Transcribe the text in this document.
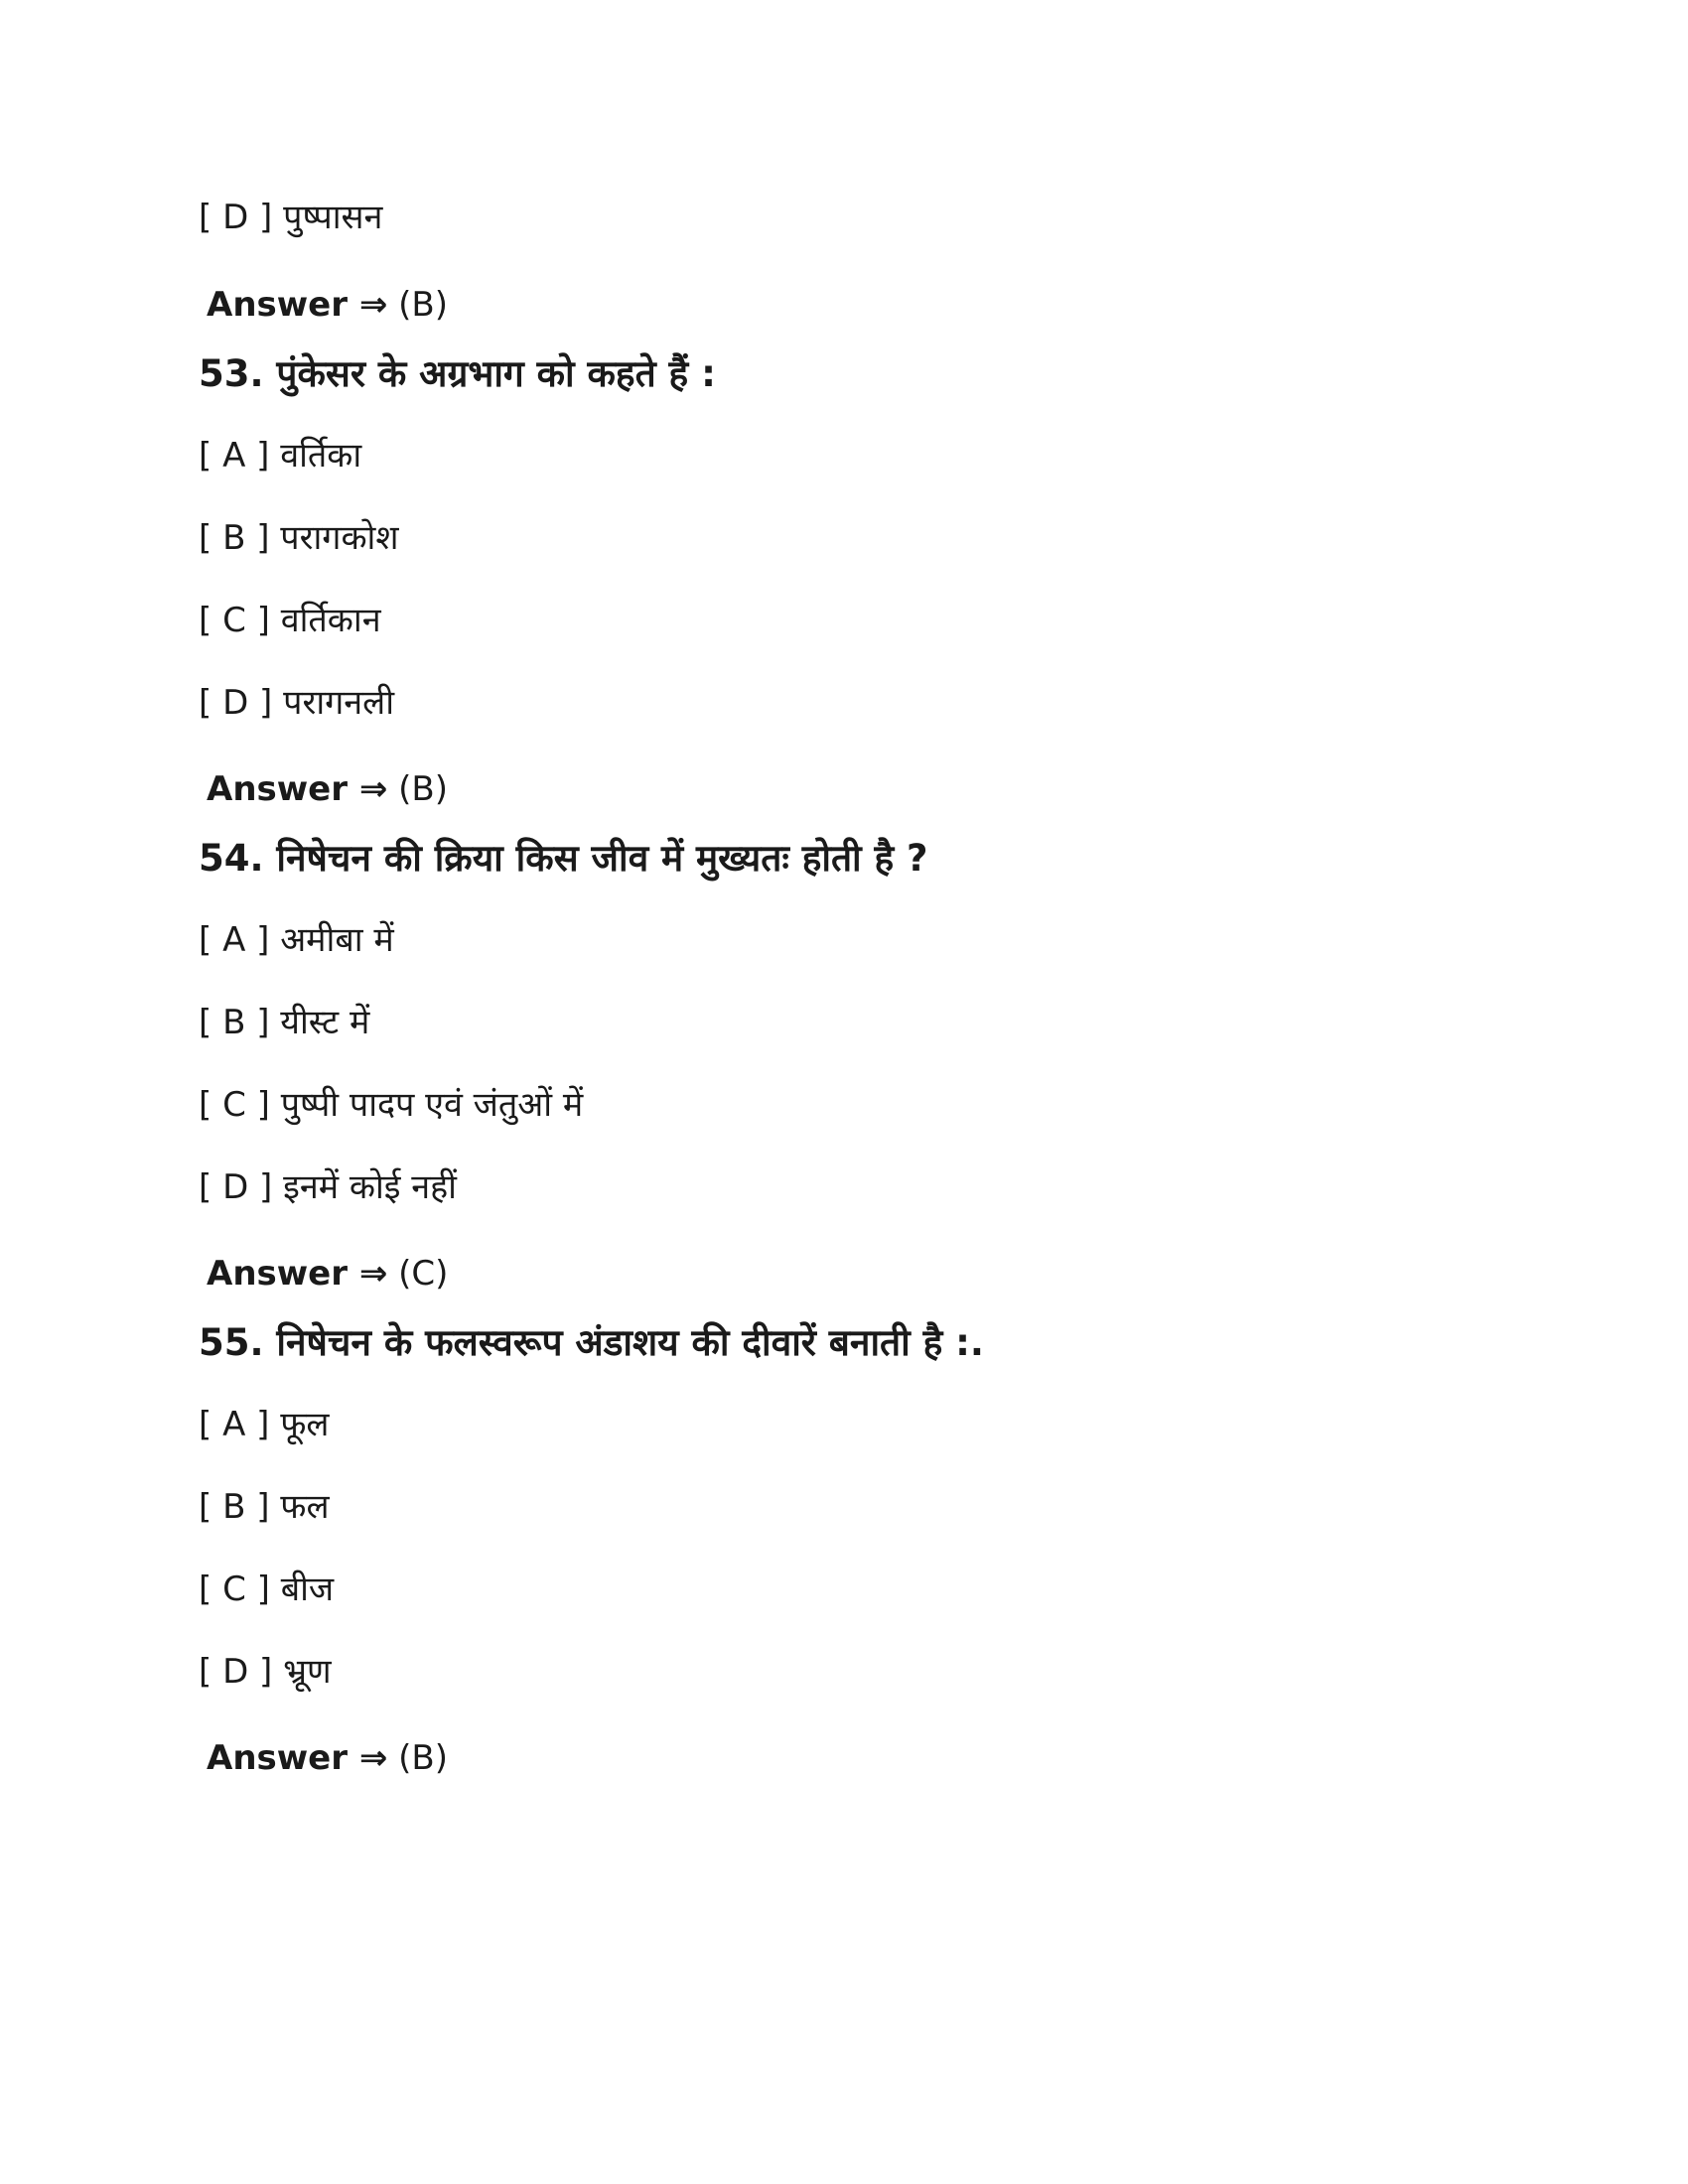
[ D ] पुष्पासन
Answer ⇒ (B)
53. पुंकेसर के अग्रभाग को कहते हैं :
[ A ] वर्तिका
[ B ] परागकोश
[ C ] वर्तिकान
[ D ] परागनली
Answer ⇒ (B)
54. निषेचन की क्रिया किस जीव में मुख्यतः होती है ?
[ A ] अमीबा में
[ B ] यीस्ट में
[ C ] पुष्पी पादप एवं जंतुओं में
[ D ] इनमें कोई नहीं
Answer ⇒ (C)
55. निषेचन के फलस्वरूप अंडाशय की दीवारें बनाती है :.
[ A ] फूल
[ B ] फल
[ C ] बीज
[ D ] भ्रूण
Answer ⇒ (B)
